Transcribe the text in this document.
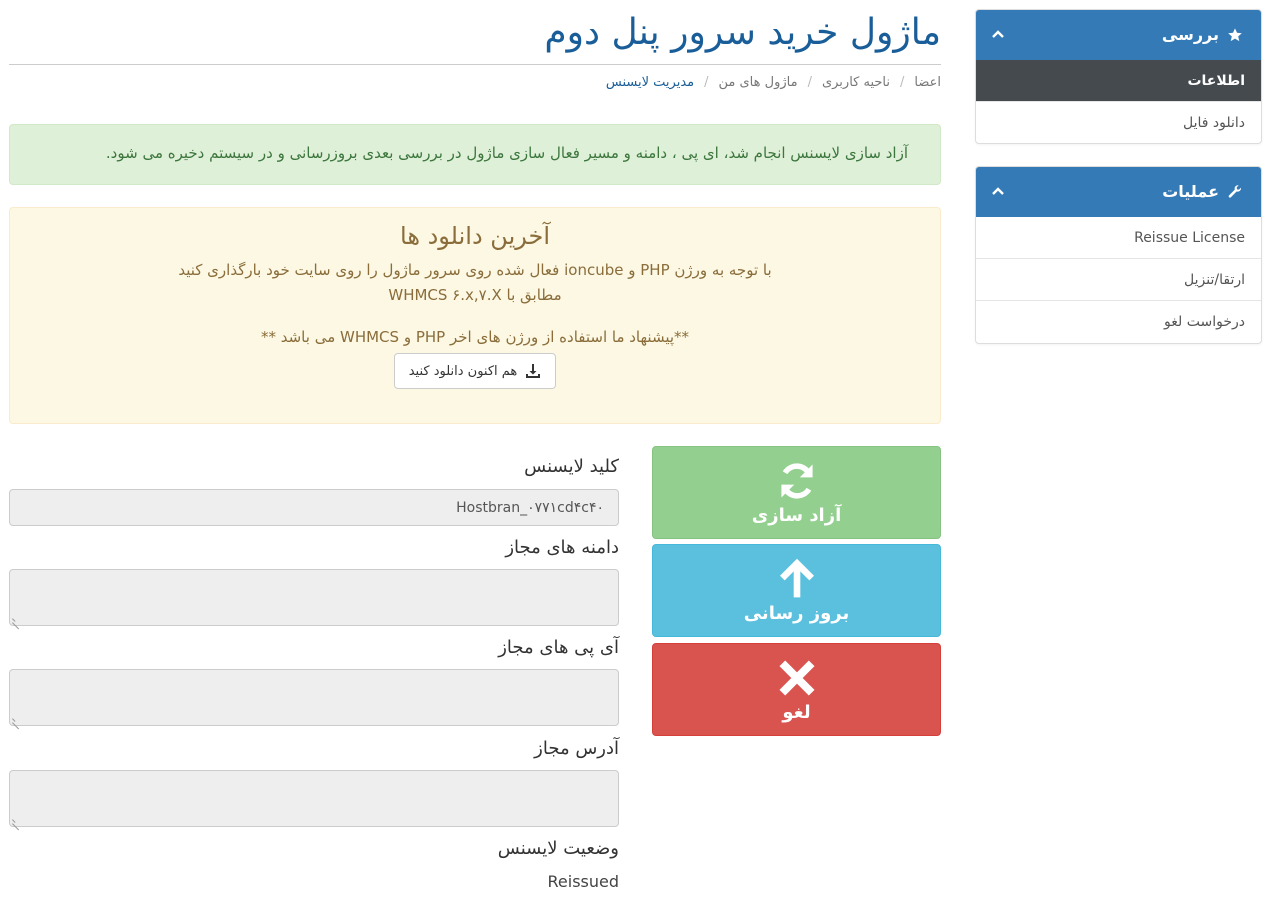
بررسی
اطلاعات
دانلود فایل
عملیات
Reissue License
ارتقا/تنزیل
درخواست لغو
ماژول خرید سرور پنل دوم
اعضا
/
ناحیه کاربری
/
ماژول های من
/
مدیریت لایسنس
آزاد سازی لایسنس انجام شد، ای پی ، دامنه و مسیر فعال سازی ماژول در بررسی بعدی بروزرسانی و در سیستم دخیره می شود.
آخرین دانلود ها
با توجه به ورژن PHP و ioncube فعال شده روی سرور ماژول را روی سایت خود بارگذاری کنید
مطابق با WHMCS ۶.x,۷.X
**پیشنهاد ما استفاده از ورژن های اخر PHP و WHMCS می باشد **
هم اکنون دانلود کنید
آزاد سازی
بروز رسانی
لغو
کلید لایسنس
Hostbran_۰۷۷۱cd۴c۴۰
دامنه های مجاز
آی پی های مجاز
آدرس مجاز
وضعیت لایسنس
Reissued
